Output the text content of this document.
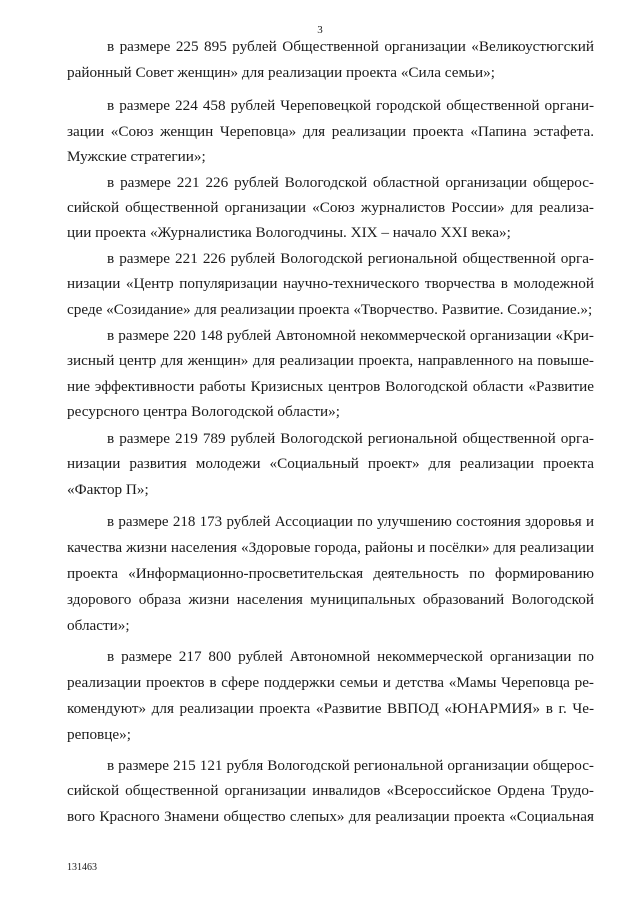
3
в размере 225 895 рублей Общественной организации «Великоустюгский
районный Совет женщин» для реализации проекта «Сила семьи»;
в размере 224 458 рублей Череповецкой городской общественной органи-
зации «Союз женщин Череповца» для реализации проекта «Папина эстафета.
Мужские стратегии»;
в размере 221 226 рублей Вологодской областной организации общерос-
сийской общественной организации «Союз журналистов России» для реализа-
ции проекта «Журналистика Вологодчины. XIX – начало XXI века»;
в размере 221 226 рублей Вологодской региональной общественной орга-
низации «Центр популяризации научно-технического творчества в молодежной
среде «Созидание» для реализации проекта «Творчество. Развитие. Созидание.»;
в размере 220 148 рублей Автономной некоммерческой организации «Кри-
зисный центр для женщин» для реализации проекта, направленного на повыше-
ние эффективности работы Кризисных центров Вологодской области «Развитие
ресурсного центра Вологодской области»;
в размере 219 789 рублей Вологодской региональной общественной орга-
низации развития молодежи «Социальный проект» для реализации проекта
«Фактор П»;
в размере 218 173 рублей Ассоциации по улучшению состояния здоровья и
качества жизни населения «Здоровые города, районы и посёлки» для реализации
проекта «Информационно-просветительская деятельность по формированию
здорового образа жизни населения муниципальных образований Вологодской
области»;
в размере 217 800 рублей Автономной некоммерческой организации по
реализации проектов в сфере поддержки семьи и детства «Мамы Череповца ре-
комендуют» для реализации проекта «Развитие ВВПОД «ЮНАРМИЯ» в г. Че-
реповце»;
в размере 215 121 рубля Вологодской региональной организации общерос-
сийской общественной организации инвалидов «Всероссийское Ордена Трудо-
вого Красного Знамени общество слепых» для реализации проекта «Социальная
131463
